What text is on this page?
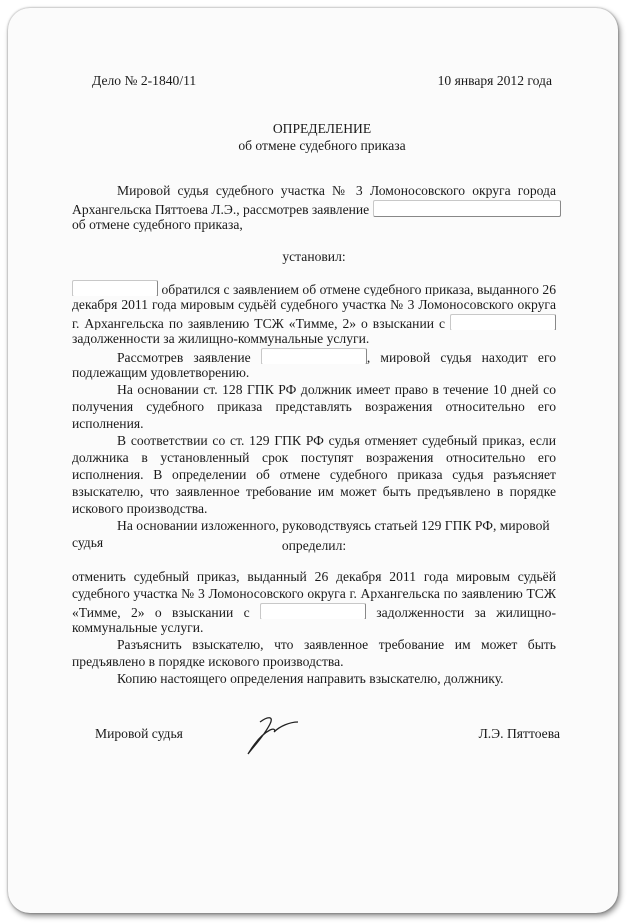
Дело № 2-1840/11	10 января 2012 года
ОПРЕДЕЛЕНИЕ
об отмене судебного приказа
Мировой судья судебного участка № 3 Ломоносовского округа города
Архангельска Пяттоева Л.Э., рассмотрев заявление
об отмене судебного приказа,
установил:
обратился с заявлением об отмене судебного приказа, выданного 26
декабря 2011 года мировым судьёй судебного участка № 3 Ломоносовского округа
г. Архангельска по заявлению ТСЖ «Тимме, 2» о взыскании с
задолженности за жилищно-коммунальные услуги.
Рассмотрев заявление	, мировой судья находит его
подлежащим удовлетворению.
На основании ст. 128 ГПК РФ должник имеет право в течение 10 дней со
получения судебного приказа представлять возражения относительно его
исполнения.
В соответствии со ст. 129 ГПК РФ судья отменяет судебный приказ, если
должника в установленный срок поступят возражения относительно его
исполнения. В определении об отмене судебного приказа судья разъясняет
взыскателю, что заявленное требование им может быть предъявлено в порядке
искового производства.
На основании изложенного, руководствуясь статьей 129 ГПК РФ, мировой
судья	определил:
отменить судебный приказ, выданный 26 декабря 2011 года мировым судьёй
судебного участка № 3 Ломоносовского округа г. Архангельска по заявлению ТСЖ
«Тимме, 2» о взыскании с	задолженности за жилищно-
коммунальные услуги.
Разъяснить взыскателю, что заявленное требование им может быть
предъявлено в порядке искового производства.
Копию настоящего определения направить взыскателю, должнику.
Мировой судья	Л.Э. Пяттоева
